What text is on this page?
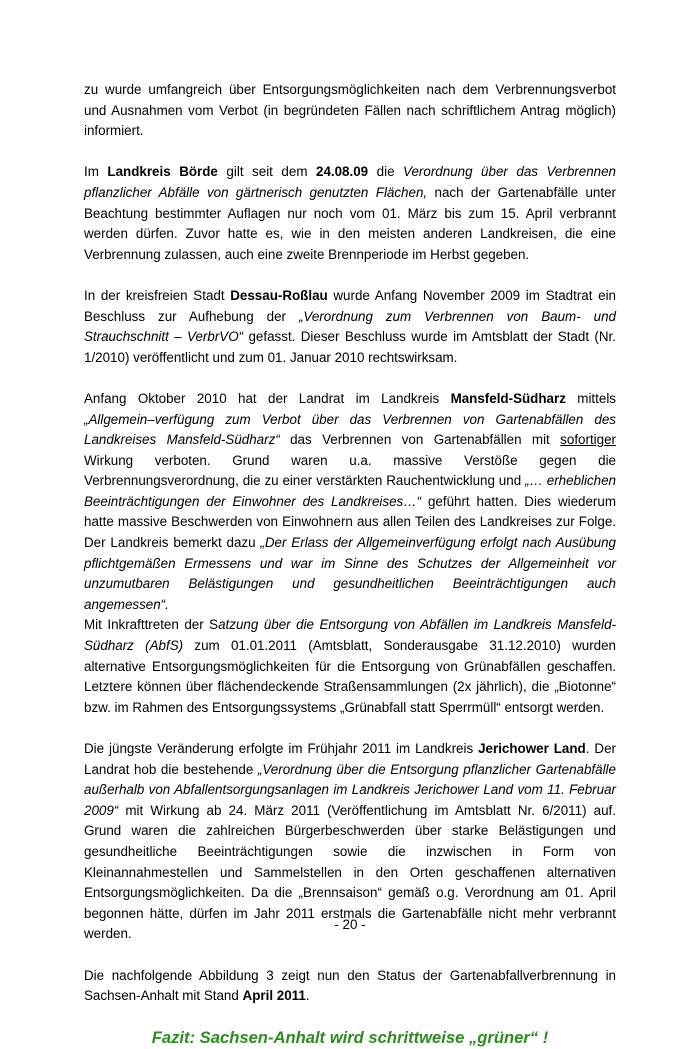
zu wurde umfangreich über Entsorgungsmöglichkeiten nach dem Verbrennungsverbot und Ausnahmen vom Verbot (in begründeten Fällen nach schriftlichem Antrag möglich) informiert.

Im Landkreis Börde gilt seit dem 24.08.09 die Verordnung über das Verbrennen pflanzlicher Abfälle von gärtnerisch genutzten Flächen, nach der Gartenabfälle unter Beachtung bestimmter Auflagen nur noch vom 01. März bis zum 15. April verbrannt werden dürfen. Zuvor hatte es, wie in den meisten anderen Landkreisen, die eine Verbrennung zulassen, auch eine zweite Brennperiode im Herbst gegeben.

In der kreisfreien Stadt Dessau-Roßlau wurde Anfang November 2009 im Stadtrat ein Beschluss zur Aufhebung der „Verordnung zum Verbrennen von Baum- und Strauchschnitt – VerbrVO“ gefasst. Dieser Beschluss wurde im Amtsblatt der Stadt (Nr. 1/2010) veröffentlicht und zum 01. Januar 2010 rechtswirksam.

Anfang Oktober 2010 hat der Landrat im Landkreis Mansfeld-Südharz mittels „Allgemein–verfügung zum Verbot über das Verbrennen von Gartenabfällen des Landkreises Mansfeld-Südharz“ das Verbrennen von Gartenabfällen mit sofortiger Wirkung verboten. Grund waren u.a. massive Verstöße gegen die Verbrennungsverordnung, die zu einer verstärkten Rauchentwicklung und „… erheblichen Beeinträchtigungen der Einwohner des Landkreises…“ geführt hatten. Dies wiederum hatte massive Beschwerden von Einwohnern aus allen Teilen des Landkreises zur Folge. Der Landkreis bemerkt dazu „Der Erlass der Allgemeinverfügung erfolgt nach Ausübung pflichtgemäßen Ermessens und war im Sinne des Schutzes der Allgemeinheit vor unzumutbaren Belästigungen und gesundheitlichen Beeinträchtigungen auch angemessen“.

Mit Inkrafttreten der Satzung über die Entsorgung von Abfällen im Landkreis Mansfeld-Südharz (AbfS) zum 01.01.2011 (Amtsblatt, Sonderausgabe 31.12.2010) wurden alternative Entsorgungsmöglichkeiten für die Entsorgung von Grünabfällen geschaffen. Letztere können über flächendeckende Straßensammlungen (2x jährlich), die „Biotonne“ bzw. im Rahmen des Entsorgungssystems „Grünabfall statt Sperrmüll“ entsorgt werden.

Die jüngste Veränderung erfolgte im Frühjahr 2011 im Landkreis Jerichower Land. Der Landrat hob die bestehende „Verordnung über die Entsorgung pflanzlicher Gartenabfälle außerhalb von Abfallentsorgungsanlagen im Landkreis Jerichower Land vom 11. Februar 2009“ mit Wirkung ab 24. März 2011 (Veröffentlichung im Amtsblatt Nr. 6/2011) auf. Grund waren die zahlreichen Bürgerbeschwerden über starke Belästigungen und gesundheitliche Beeinträchtigungen sowie die inzwischen in Form von Kleinannahmestellen und Sammelstellen in den Orten geschaffenen alternativen Entsorgungsmöglichkeiten. Da die „Brennsaison“ gemäß o.g. Verordnung am 01. April begonnen hätte, dürfen im Jahr 2011 erstmals die Gartenabfälle nicht mehr verbrannt werden.

Die nachfolgende Abbildung 3 zeigt nun den Status der Gartenabfallverbrennung in Sachsen-Anhalt mit Stand April 2011.

Fazit: Sachsen-Anhalt wird schrittweise „grüner“ !
- 20 -
